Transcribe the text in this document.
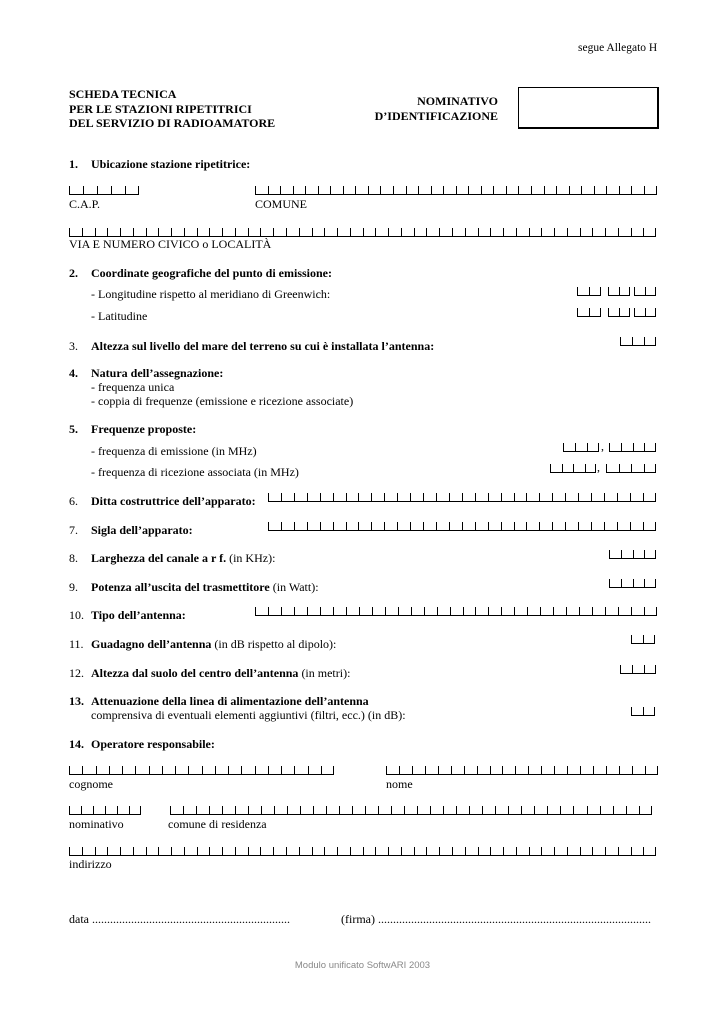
segue Allegato H
SCHEDA TECNICA
PER LE STAZIONI RIPETITRICI
DEL SERVIZIO DI RADIOAMATORE
NOMINATIVO
D’IDENTIFICAZIONE
1. Ubicazione stazione ripetitrice:
C.A.P.	COMUNE
VIA E NUMERO CIVICO o LOCALITÀ
2. Coordinate geografiche del punto di emissione:
- Longitudine rispetto al meridiano di Greenwich:
- Latitudine
3. Altezza sul livello del mare del terreno su cui è installata l’antenna:
4. Natura dell’assegnazione:
- frequenza unica
- coppia di frequenze (emissione e ricezione associate)
5. Frequenze proposte:
- frequenza di emissione (in MHz)	,
- frequenza di ricezione associata (in MHz)	,
6. Ditta costruttrice dell’apparato:
7. Sigla dell’apparato:
8. Larghezza del canale a r f. (in KHz):
9. Potenza all’uscita del trasmettitore (in Watt):
10. Tipo dell’antenna:
11. Guadagno dell’antenna (in dB rispetto al dipolo):
12. Altezza dal suolo del centro dell’antenna (in metri):
13. Attenuazione della linea di alimentazione dell’antenna
comprensiva di eventuali elementi aggiuntivi (filtri, ecc.) (in dB):
14. Operatore responsabile:
cognome	nome
nominativo	comune di residenza
indirizzo
data ..................................................................	(firma) ...........................................................................................
Modulo unificato SoftwARI 2003
